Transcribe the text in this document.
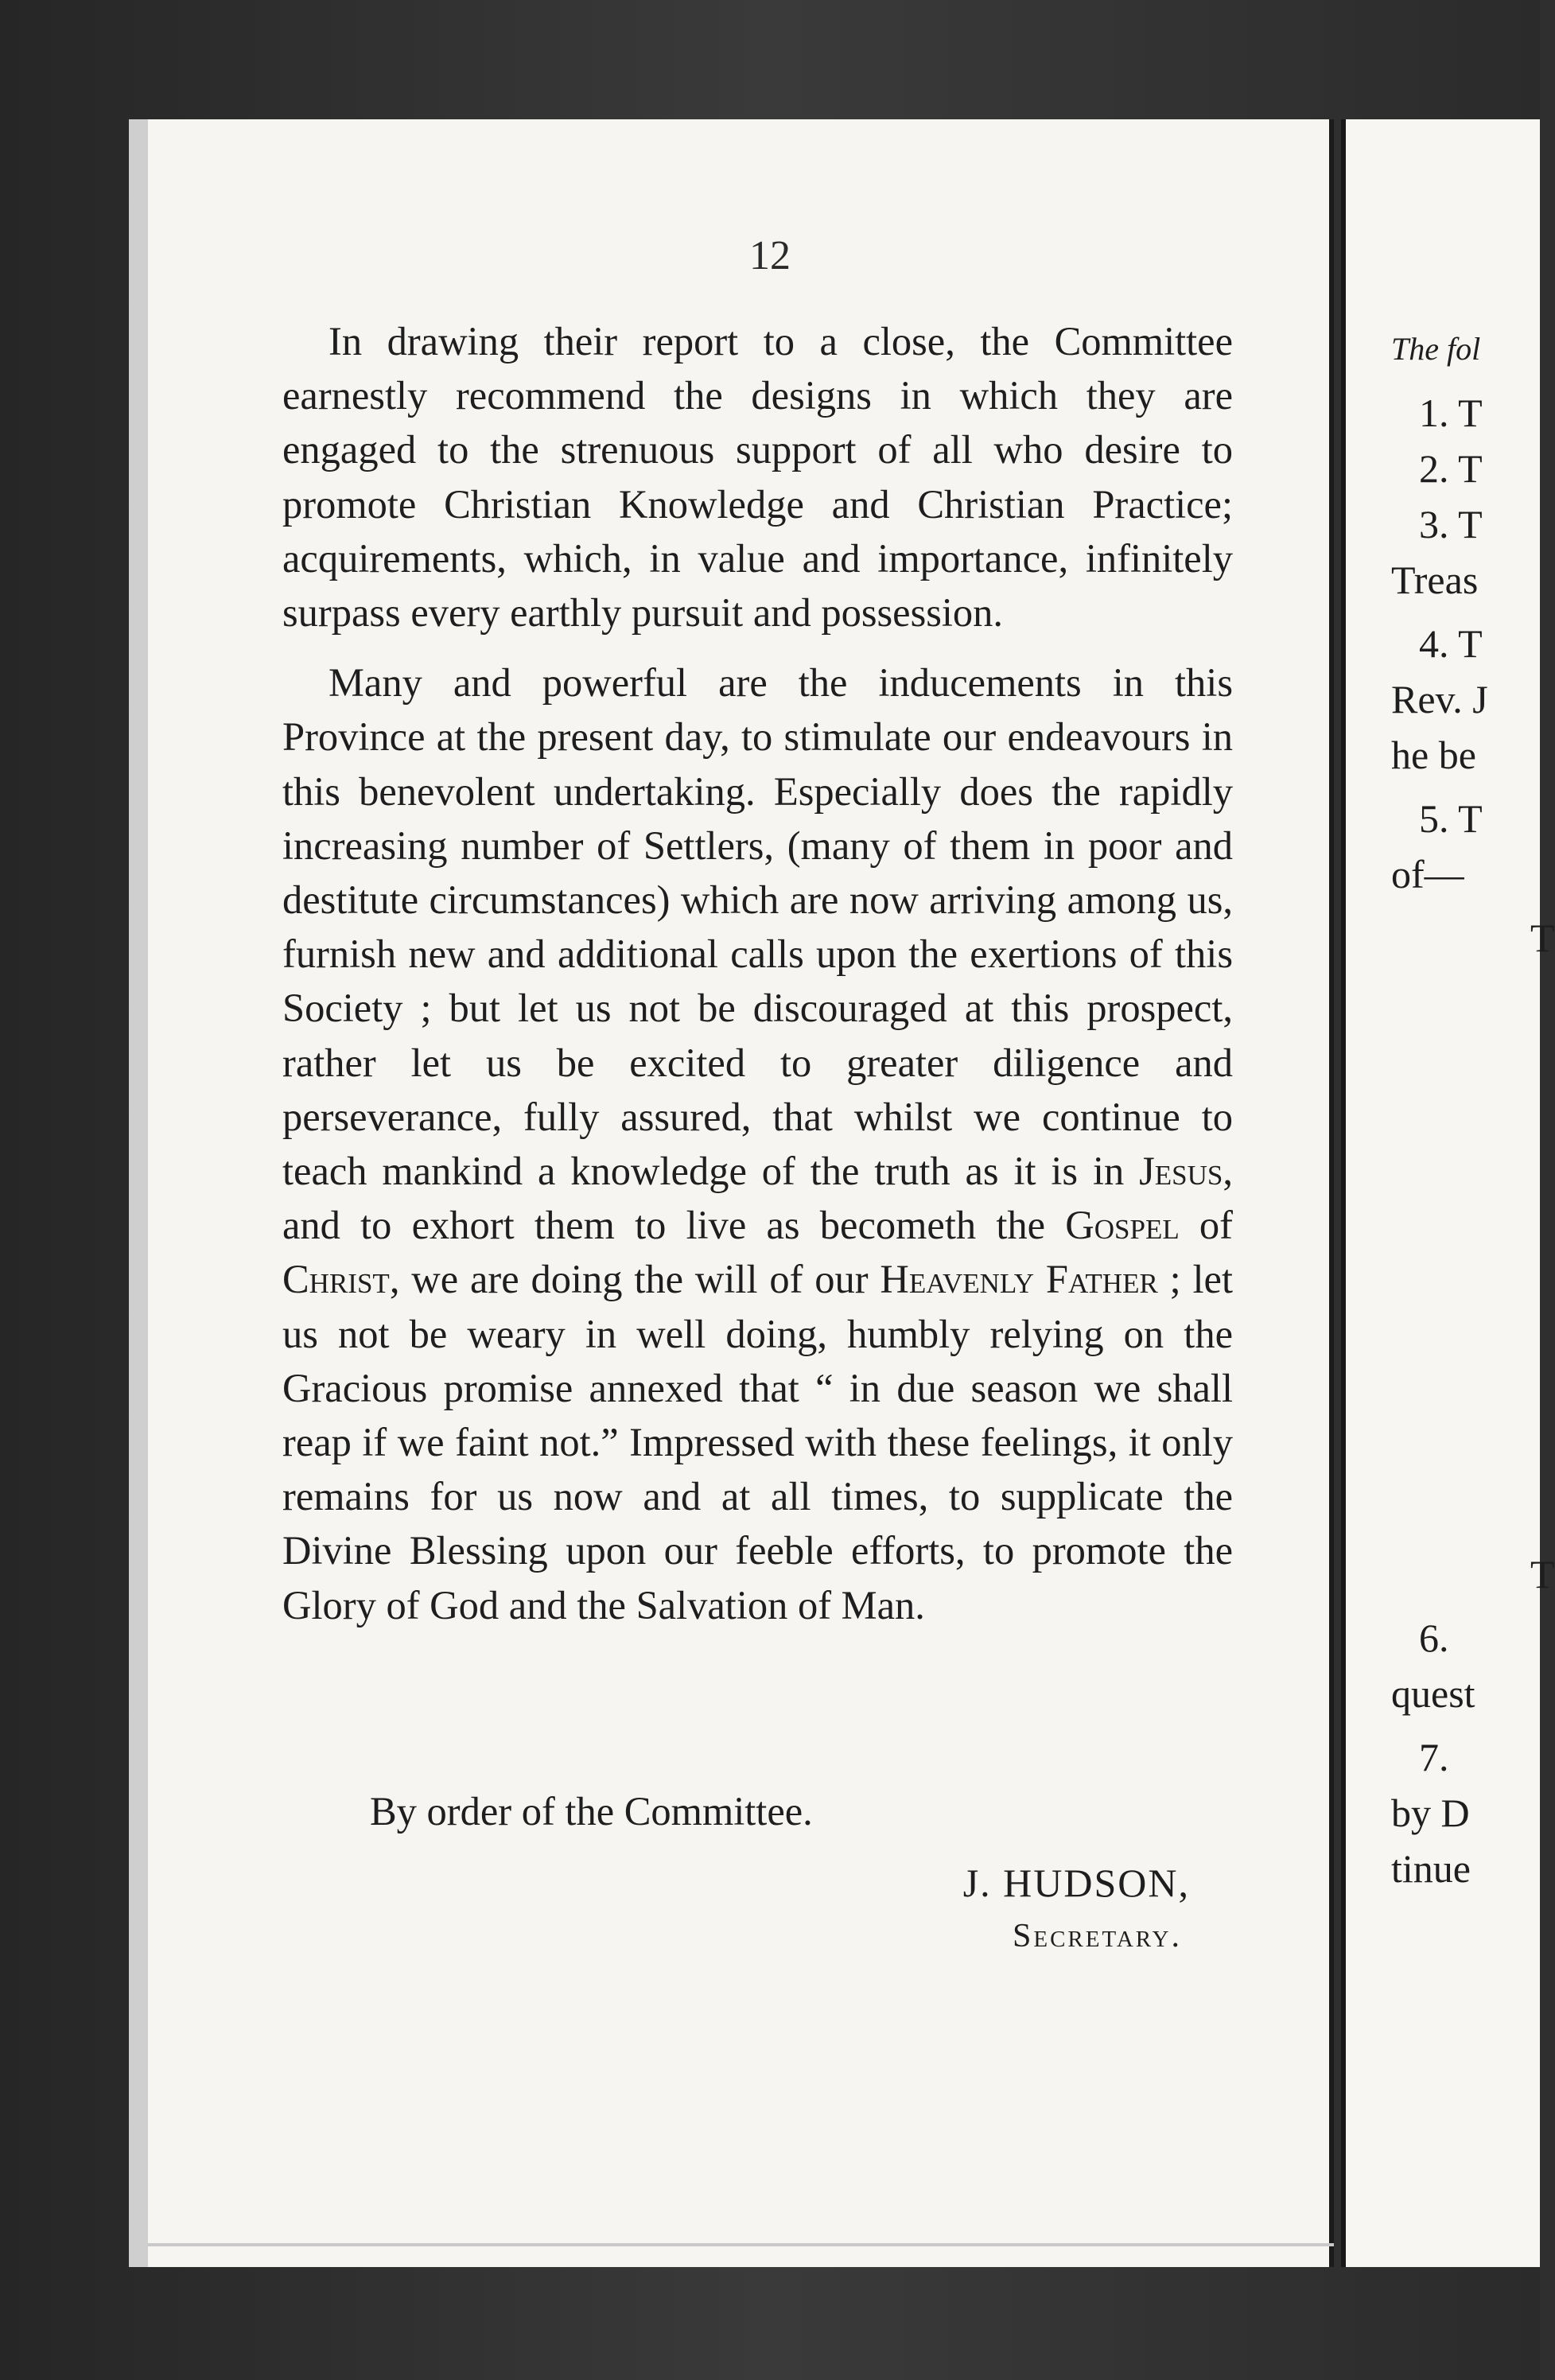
The fol

1. T

2. T

3. T

Treas

4. T

Rev. J

he be

5. T

of—

T

T

6.

quest

7.

by D

tinue

12

In drawing their report to a close, the Committee earnestly recommend the designs in which they are engaged to the strenuous support of all who desire to promote Christian Knowledge and Christian Practice; acquirements, which, in value and importance, infinitely surpass every earthly pursuit and possession.

Many and powerful are the inducements in this Province at the present day, to stimulate our endeavours in this benevolent undertaking. Especially does the rapidly increasing number of Settlers, (many of them in poor and destitute circumstances) which are now arriving among us, furnish new and additional calls upon the exertions of this Society ; but let us not be discouraged at this prospect, rather let us be excited to greater diligence and perseverance, fully assured, that whilst we continue to teach mankind a knowledge of the truth as it is in Jesus, and to exhort them to live as becometh the Gospel of Christ, we are doing the will of our Heavenly Father ; let us not be weary in well doing, humbly relying on the Gracious promise annexed that “ in due season we shall reap if we faint not.” Impressed with these feelings, it only remains for us now and at all times, to supplicate the Divine Blessing upon our feeble efforts, to promote the Glory of God and the Salvation of Man.

By order of the Committee.

J. HUDSON,

Secretary.
